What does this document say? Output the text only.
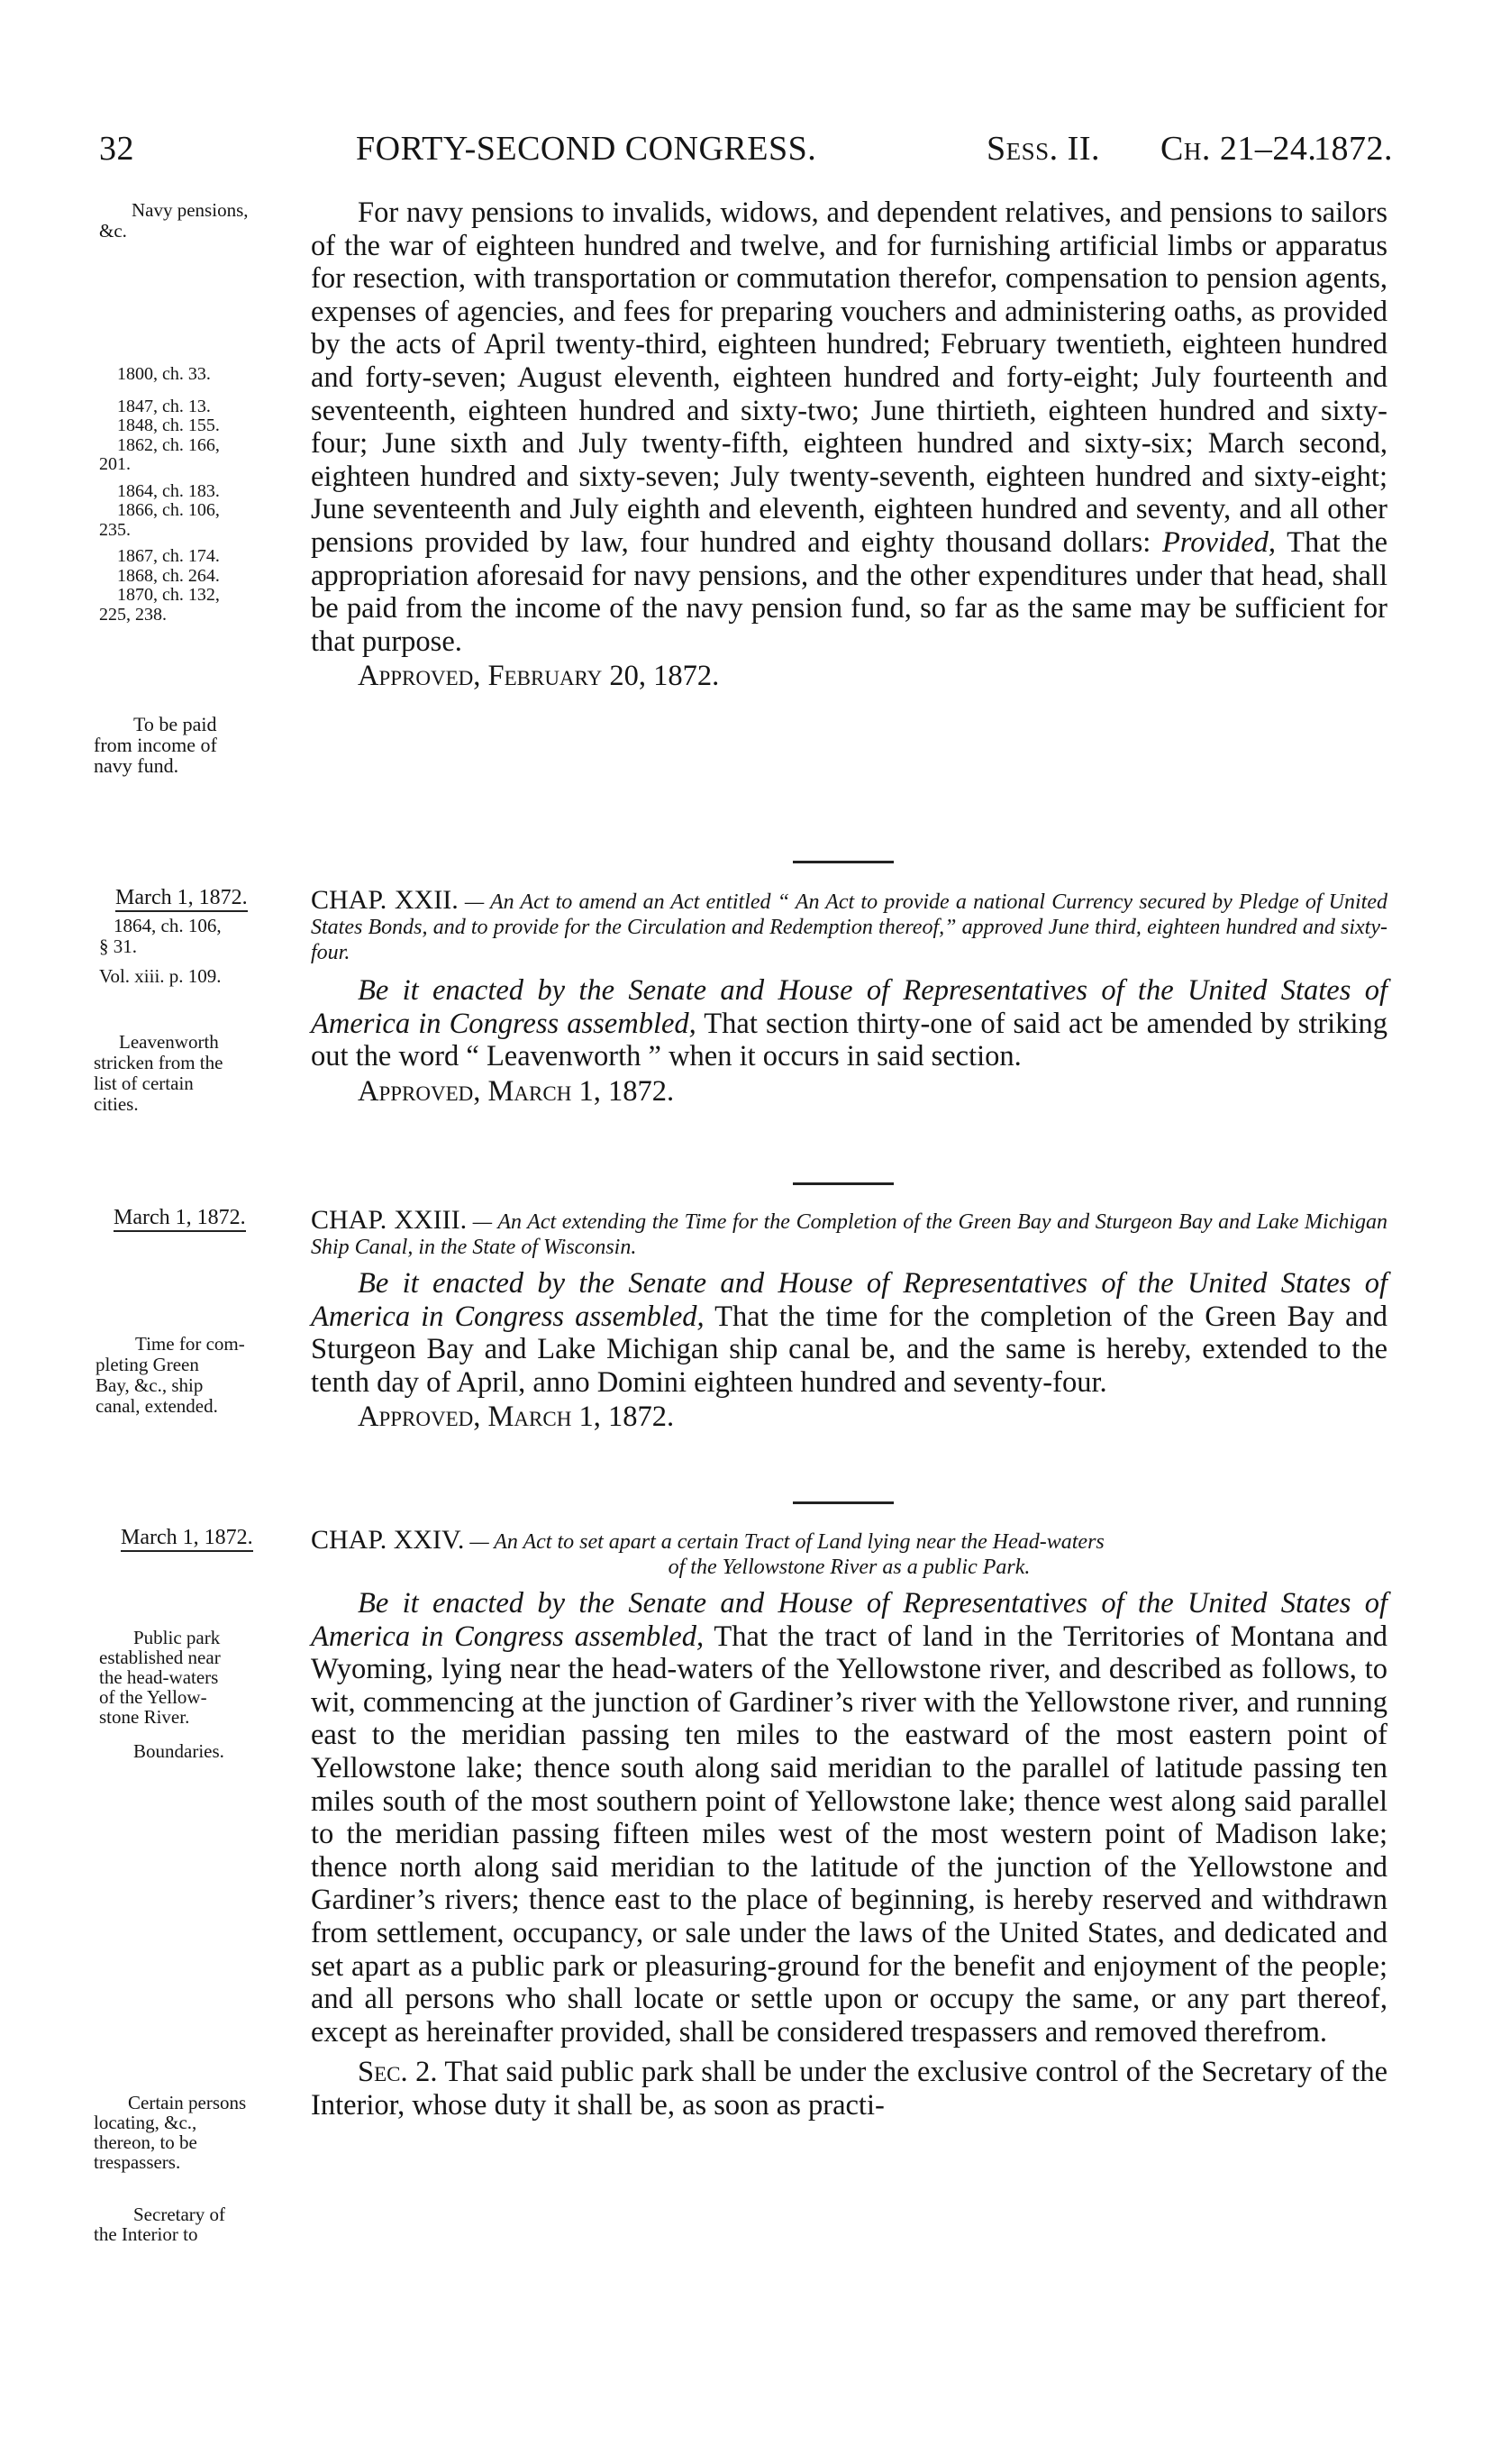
32	FORTY-SECOND CONGRESS.	Sess. II. Ch. 21–24.
1872.
Navy pensions,
&c.
1800, ch. 33.
1847, ch. 13.
1848, ch. 155.
1862, ch. 166,
201.
1864, ch. 183.
1866, ch. 106,
235.
1867, ch. 174.
1868, ch. 264.
1870, ch. 132,
225, 238.
To be paid
from income of
navy fund.

For navy pensions to invalids, widows, and dependent relatives, and pensions to sailors of the war of eighteen hundred and twelve, and for furnishing artificial limbs or apparatus for resection, with transportation or commutation therefor, compensation to pension agents, expenses of agencies, and fees for preparing vouchers and administering oaths, as provided by the acts of April twenty-third, eighteen hundred; February twentieth, eighteen hundred and forty-seven; August eleventh, eighteen hundred and forty-eight; July fourteenth and seventeenth, eighteen hundred and sixty-two; June thirtieth, eighteen hundred and sixty-four; June sixth and July twenty-fifth, eighteen hundred and sixty-six; March second, eighteen hundred and sixty-seven; July twenty-seventh, eighteen hundred and sixty-eight; June seventeenth and July eighth and eleventh, eighteen hundred and seventy, and all other pensions provided by law, four hundred and eighty thousand dollars: Provided, That the appropriation aforesaid for navy pensions, and the other expenditures under that head, shall be paid from the income of the navy pension fund, so far as the same may be sufficient for that purpose.

Approved, February 20, 1872.

March 1, 1872.
1864, ch. 106,
§ 31.
Vol. xiii. p. 109.
Leavenworth
stricken from the
list of certain
cities.

CHAP. XXII. — An Act to amend an Act entitled “ An Act to provide a national Currency secured by Pledge of United States Bonds, and to provide for the Circulation and Redemption thereof,” approved June third, eighteen hundred and sixty-four.

Be it enacted by the Senate and House of Representatives of the United States of America in Congress assembled, That section thirty-one of said act be amended by striking out the word “ Leavenworth ” when it occurs in said section.

Approved, March 1, 1872.

March 1, 1872.
Time for com-
pleting Green
Bay, &c., ship
canal, extended.

CHAP. XXIII. — An Act extending the Time for the Completion of the Green Bay and Sturgeon Bay and Lake Michigan Ship Canal, in the State of Wisconsin.

Be it enacted by the Senate and House of Representatives of the United States of America in Congress assembled, That the time for the completion of the Green Bay and Sturgeon Bay and Lake Michigan ship canal be, and the same is hereby, extended to the tenth day of April, anno Domini eighteen hundred and seventy-four.

Approved, March 1, 1872.

March 1, 1872.
Public park
established near
the head-waters
of the Yellow-
stone River.
Boundaries.
Certain persons
locating, &c.,
thereon, to be
trespassers.
Secretary of
the Interior to

CHAP. XXIV. — An Act to set apart a certain Tract of Land lying near the Head-waters

of the Yellowstone River as a public Park.

Be it enacted by the Senate and House of Representatives of the United States of America in Congress assembled, That the tract of land in the Territories of Montana and Wyoming, lying near the head-waters of the Yellowstone river, and described as follows, to wit, commencing at the junction of Gardiner’s river with the Yellowstone river, and running east to the meridian passing ten miles to the eastward of the most eastern point of Yellowstone lake; thence south along said meridian to the parallel of latitude passing ten miles south of the most southern point of Yellowstone lake; thence west along said parallel to the meridian passing fifteen miles west of the most western point of Madison lake; thence north along said meridian to the latitude of the junction of the Yellowstone and Gardiner’s rivers; thence east to the place of beginning, is hereby reserved and withdrawn from settlement, occupancy, or sale under the laws of the United States, and dedicated and set apart as a public park or pleasuring-ground for the benefit and enjoyment of the people; and all persons who shall locate or settle upon or occupy the same, or any part thereof, except as hereinafter provided, shall be considered trespassers and removed therefrom.

Sec. 2. That said public park shall be under the exclusive control of the Secretary of the Interior, whose duty it shall be, as soon as practi-
